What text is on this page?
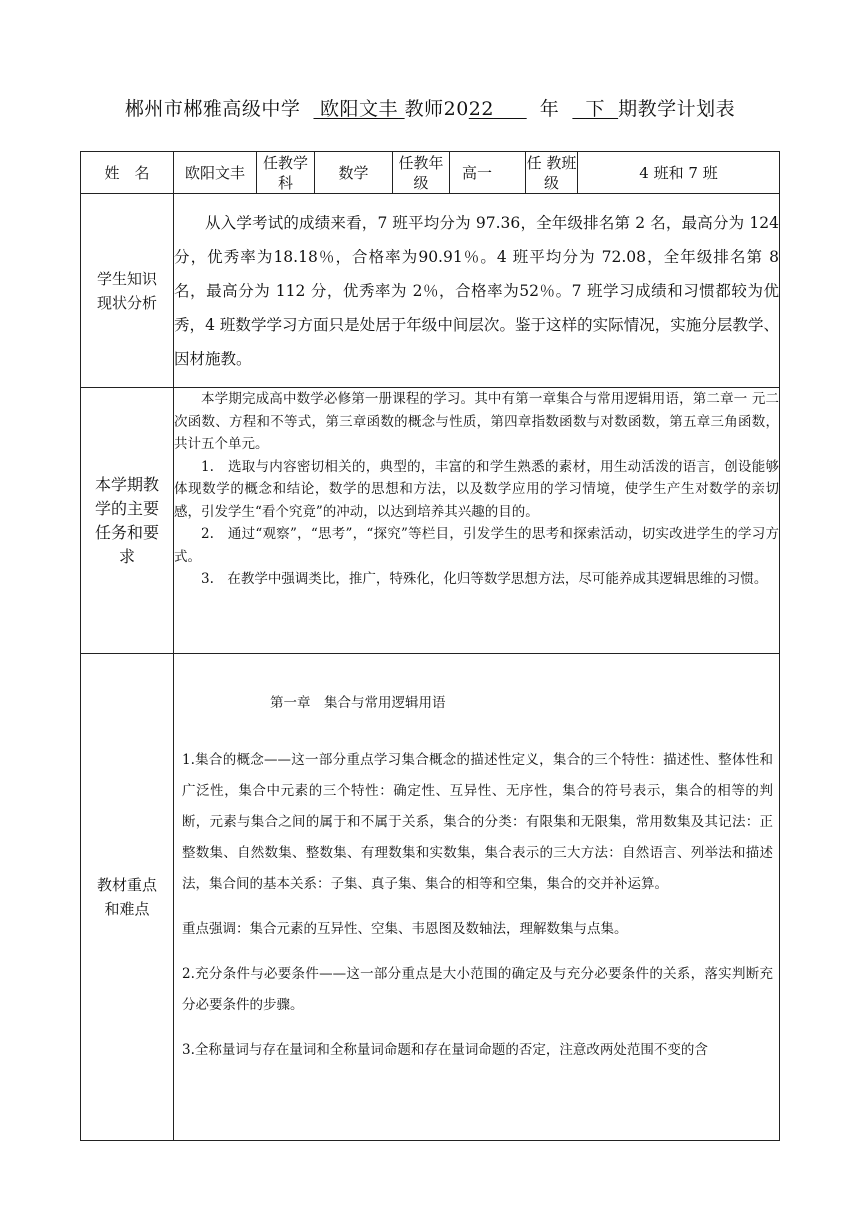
郴州市郴雅高级中学 欧阳文丰 教师2022 年 下 期教学计划表
姓　名	欧阳文丰	任教学科	数学	任教年级	高一	任 教班级	4 班和 7 班

学生知识现状分析	从入学考试的成绩来看，7 班平均分为 97.36，全年级排名第 2 名，最高分为 124 分，优秀率为18.18％，合格率为90.91％。4 班平均分为 72.08，全年级排名第 8 名，最高分为 112 分，优秀率为 2％，合格率为52％。7 班学习成绩和习惯都较为优秀，4 班数学学习方面只是处居于年级中间层次。鉴于这样的实际情况，实施分层教学、因材施教。						

本学期教学的主要任务和要求	本学期完成高中数学必修第一册课程的学习。其中有第一章集合与常用逻辑用语，第二章一 元二次函数、方程和不等式，第三章函数的概念与性质，第四章指数函数与对数函数，第五章三角函数，共计五个单元。

1.　选取与内容密切相关的，典型的，丰富的和学生熟悉的素材，用生动活泼的语言，创设能够体现数学的概念和结论，数学的思想和方法，以及数学应用的学习情境，使学生产生对数学的亲切感，引发学生“看个究竟”的冲动，以达到培养其兴趣的目的。

2.　通过“观察”，“思考”，“探究”等栏目，引发学生的思考和探索活动，切实改进学生的学习方式。

3.　在教学中强调类比，推广，特殊化，化归等数学思想方法，尽可能养成其逻辑思维的习惯。						

教材重点和难点	第一章　集合与常用逻辑用语

1.集合的概念——这一部分重点学习集合概念的描述性定义，集合的三个特性：描述性、整体性和广泛性，集合中元素的三个特性：确定性、互异性、无序性，集合的符号表示，集合的相等的判断，元素与集合之间的属于和不属于关系，集合的分类：有限集和无限集，常用数集及其记法：正整数集、自然数集、整数集、有理数集和实数集，集合表示的三大方法：自然语言、列举法和描述法，集合间的基本关系：子集、真子集、集合的相等和空集，集合的交并补运算。

重点强调：集合元素的互异性、空集、韦恩图及数轴法，理解数集与点集。

2.充分条件与必要条件——这一部分重点是大小范围的确定及与充分必要条件的关系，落实判断充分必要条件的步骤。

3.全称量词与存在量词和全称量词命题和存在量词命题的否定，注意改两处范围不变的含						
